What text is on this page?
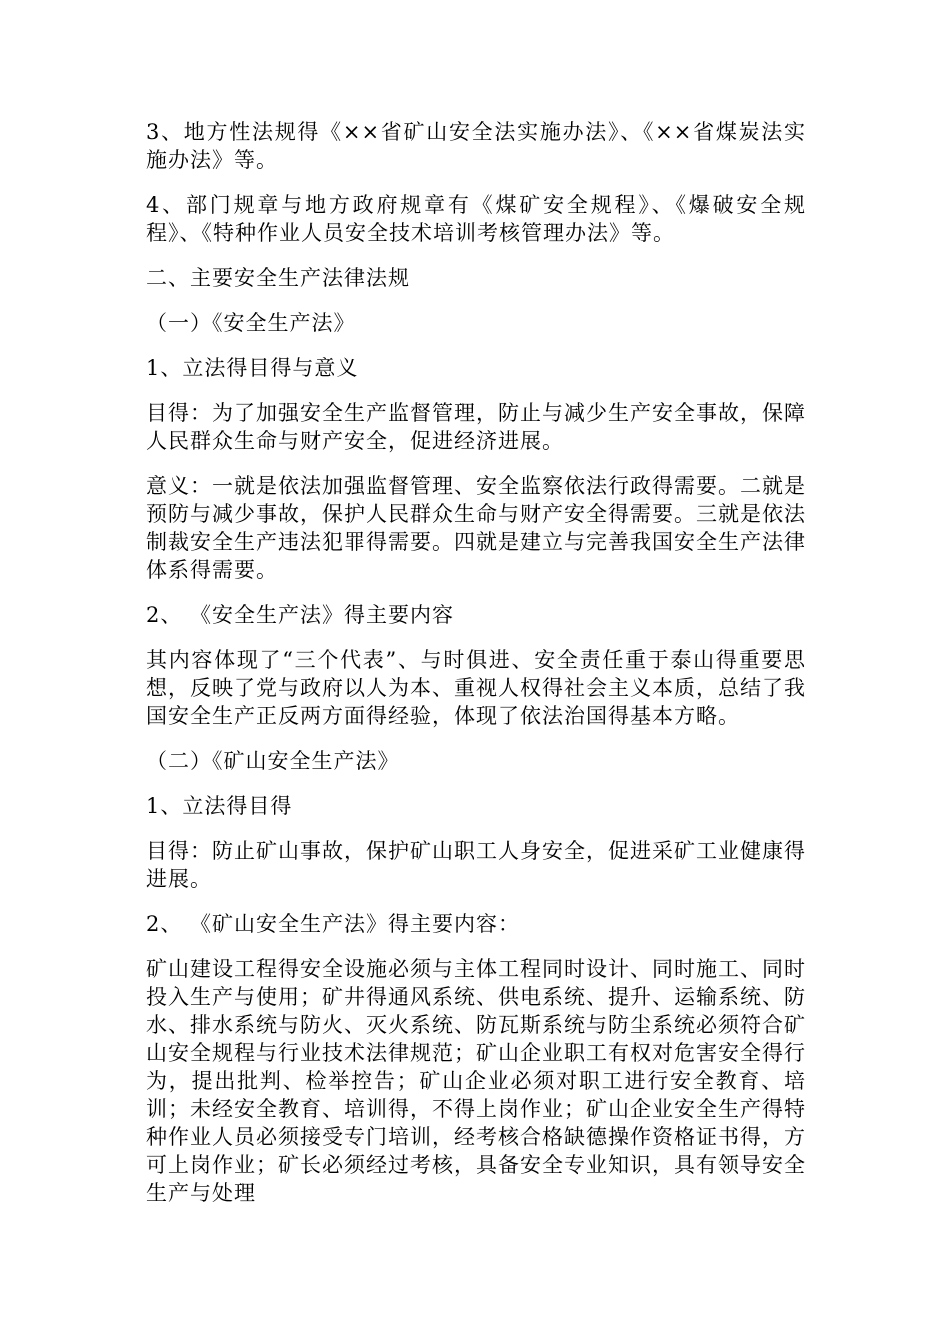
3、地方性法规得《××省矿山安全法实施办法》、《××省煤炭法实施办法》等。

4、部门规章与地方政府规章有《煤矿安全规程》、《爆破安全规程》、《特种作业人员安全技术培训考核管理办法》等。

二、主要安全生产法律法规

（一）《安全生产法》

1、立法得目得与意义

目得：为了加强安全生产监督管理，防止与减少生产安全事故，保障人民群众生命与财产安全，促进经济进展。

意义：一就是依法加强监督管理、安全监察依法行政得需要。二就是预防与减少事故，保护人民群众生命与财产安全得需要。三就是依法制裁安全生产违法犯罪得需要。四就是建立与完善我国安全生产法律体系得需要。

2、 《安全生产法》得主要内容

其内容体现了“三个代表”、与时俱进、安全责任重于泰山得重要思想，反映了党与政府以人为本、重视人权得社会主义本质，总结了我国安全生产正反两方面得经验，体现了依法治国得基本方略。

（二）《矿山安全生产法》

1、立法得目得

目得：防止矿山事故，保护矿山职工人身安全，促进采矿工业健康得进展。

2、 《矿山安全生产法》得主要内容：

矿山建设工程得安全设施必须与主体工程同时设计、同时施工、同时投入生产与使用；矿井得通风系统、供电系统、提升、运输系统、防水、排水系统与防火、灭火系统、防瓦斯系统与防尘系统必须符合矿山安全规程与行业技术法律规范；矿山企业职工有权对危害安全得行为，提出批判、检举控告；矿山企业必须对职工进行安全教育、培训；未经安全教育、培训得，不得上岗作业；矿山企业安全生产得特种作业人员必须接受专门培训，经考核合格缺德操作资格证书得，方可上岗作业；矿长必须经过考核，具备安全专业知识，具有领导安全生产与处理
